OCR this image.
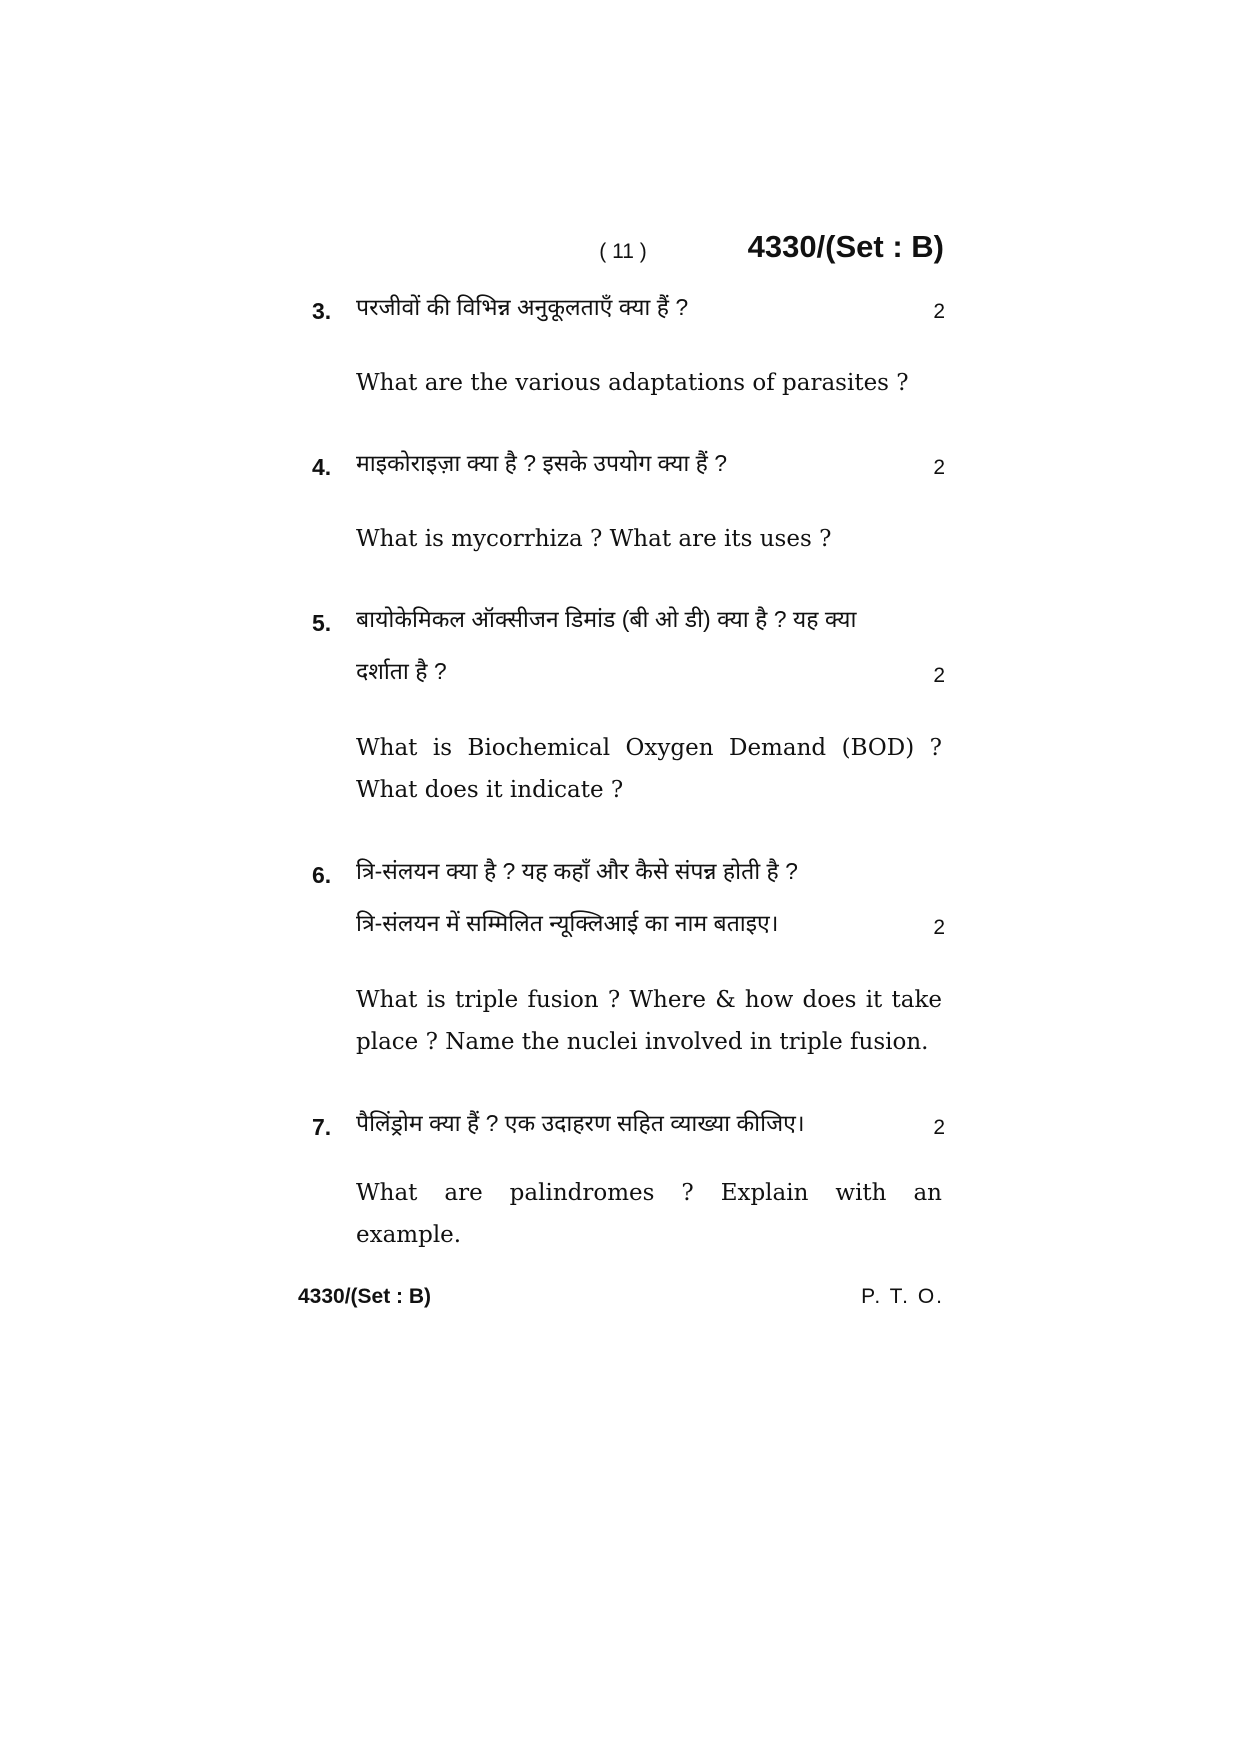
( 11 )	4330/(Set : B)
3.	परजीवों की विभिन्न अनुकूलताएँ क्या हैं ?	2
What are the various adaptations of parasites ?
4.	माइकोराइज़ा क्या है ? इसके उपयोग क्या हैं ?	2
What is mycorrhiza ? What are its uses ?
5.	बायोकेमिकल ऑक्सीजन डिमांड (बी ओ डी) क्या है ? यह क्या
दर्शाता है ?	2
What is Biochemical Oxygen Demand (BOD) ?
What does it indicate ?
6.	त्रि-संलयन क्या है ? यह कहाँ और कैसे संपन्न होती है ?
त्रि-संलयन में सम्मिलित न्यूक्लिआई का नाम बताइए।	2
What is triple fusion ? Where & how does it take
place ? Name the nuclei involved in triple fusion.
7.	पैलिंड्रोम क्या हैं ? एक उदाहरण सहित व्याख्या कीजिए।	2
What are palindromes ? Explain with an
example.
4330/(Set : B)	P. T. O.
